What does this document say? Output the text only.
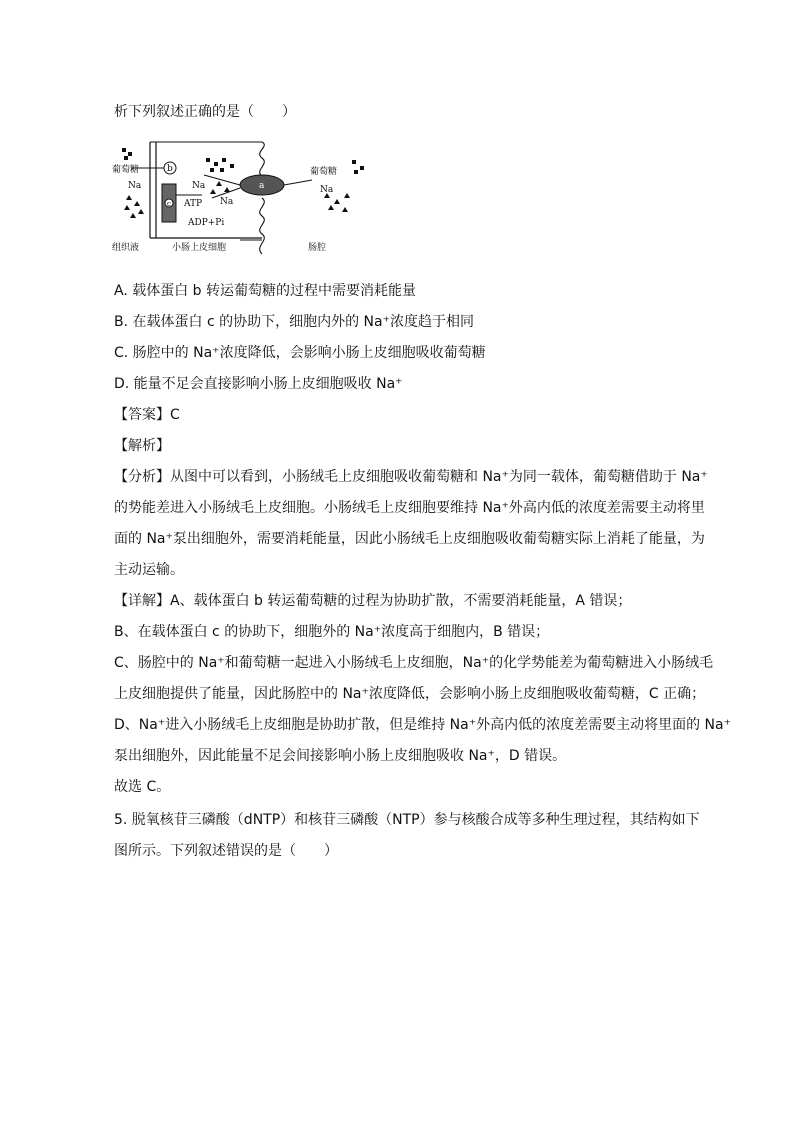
析下列叙述正确的是（　　）
a
b
c
葡萄糖
Na	Na
Na
葡萄糖
Na
ATP
ADP+Pi
组织液	小肠上皮细胞	肠腔
A. 载体蛋白 b 转运葡萄糖的过程中需要消耗能量
B. 在载体蛋白 c 的协助下，细胞内外的 Na⁺浓度趋于相同
C. 肠腔中的 Na⁺浓度降低，会影响小肠上皮细胞吸收葡萄糖
D. 能量不足会直接影响小肠上皮细胞吸收 Na⁺
【答案】C
【解析】
【分析】从图中可以看到，小肠绒毛上皮细胞吸收葡萄糖和 Na⁺为同一载体，葡萄糖借助于 Na⁺
的势能差进入小肠绒毛上皮细胞。小肠绒毛上皮细胞要维持 Na⁺外高内低的浓度差需要主动将里
面的 Na⁺泵出细胞外，需要消耗能量，因此小肠绒毛上皮细胞吸收葡萄糖实际上消耗了能量，为
主动运输。
【详解】A、载体蛋白 b 转运葡萄糖的过程为协助扩散，不需要消耗能量，A 错误；
B、在载体蛋白 c 的协助下，细胞外的 Na⁺浓度高于细胞内，B 错误；
C、肠腔中的 Na⁺和葡萄糖一起进入小肠绒毛上皮细胞，Na⁺的化学势能差为葡萄糖进入小肠绒毛
上皮细胞提供了能量，因此肠腔中的 Na⁺浓度降低，会影响小肠上皮细胞吸收葡萄糖，C 正确；
D、Na⁺进入小肠绒毛上皮细胞是协助扩散，但是维持 Na⁺外高内低的浓度差需要主动将里面的 Na⁺
泵出细胞外，因此能量不足会间接影响小肠上皮细胞吸收 Na⁺，D 错误。
故选 C。
5. 脱氧核苷三磷酸（dNTP）和核苷三磷酸（NTP）参与核酸合成等多种生理过程，其结构如下
图所示。下列叙述错误的是（　　）
